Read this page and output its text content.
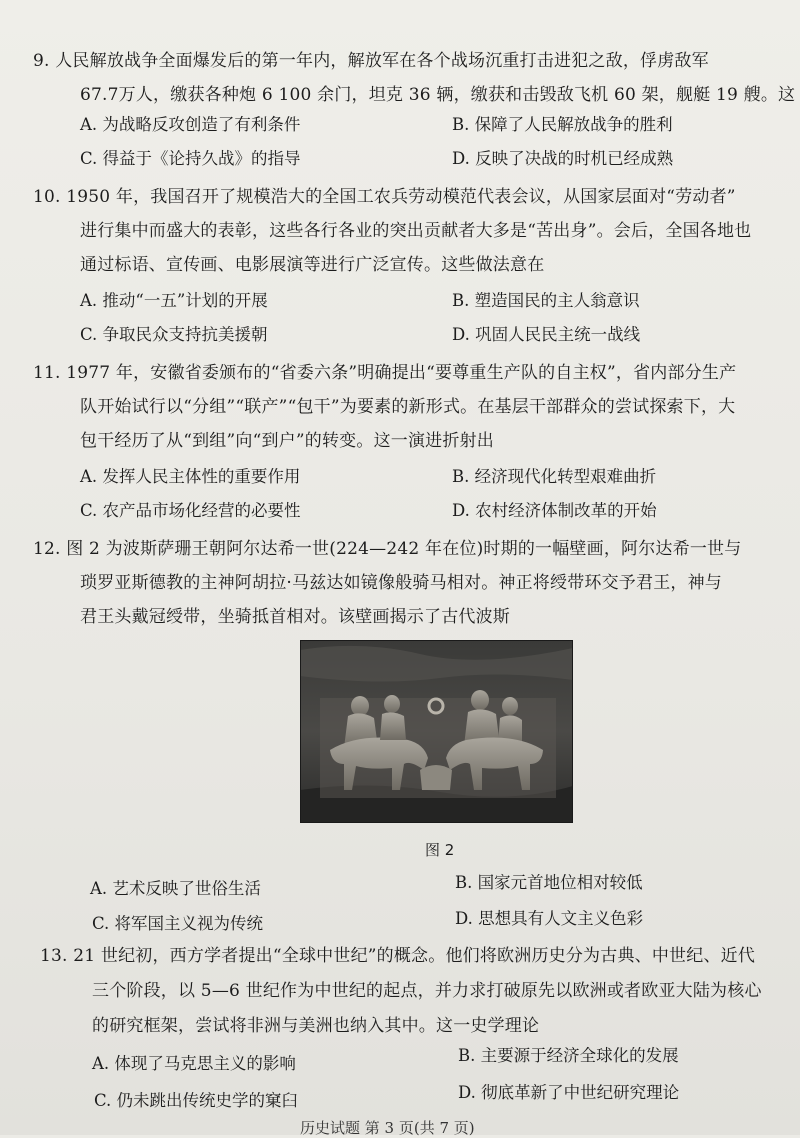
9. 人民解放战争全面爆发后的第一年内，解放军在各个战场沉重打击进犯之敌，俘虏敌军
67.7万人，缴获各种炮 6 100 余门，坦克 36 辆，缴获和击毁敌飞机 60 架，舰艇 19 艘。这
A. 为战略反攻创造了有利条件	B. 保障了人民解放战争的胜利
C. 得益于《论持久战》的指导	D. 反映了决战的时机已经成熟
10. 1950 年，我国召开了规模浩大的全国工农兵劳动模范代表会议，从国家层面对“劳动者”
进行集中而盛大的表彰，这些各行各业的突出贡献者大多是“苦出身”。会后，全国各地也
通过标语、宣传画、电影展演等进行广泛宣传。这些做法意在
A. 推动“一五”计划的开展	B. 塑造国民的主人翁意识
C. 争取民众支持抗美援朝	D. 巩固人民民主统一战线
11. 1977 年，安徽省委颁布的“省委六条”明确提出“要尊重生产队的自主权”，省内部分生产
队开始试行以“分组”“联产”“包干”为要素的新形式。在基层干部群众的尝试探索下，大
包干经历了从“到组”向“到户”的转变。这一演进折射出
A. 发挥人民主体性的重要作用	B. 经济现代化转型艰难曲折
C. 农产品市场化经营的必要性	D. 农村经济体制改革的开始
12. 图 2 为波斯萨珊王朝阿尔达希一世(224—242 年在位)时期的一幅壁画，阿尔达希一世与
琐罗亚斯德教的主神阿胡拉·马兹达如镜像般骑马相对。神正将绶带环交予君王，神与
君王头戴冠绶带，坐骑抵首相对。该壁画揭示了古代波斯
图 2
A. 艺术反映了世俗生活	B. 国家元首地位相对较低
C. 将军国主义视为传统	D. 思想具有人文主义色彩
13. 21 世纪初，西方学者提出“全球中世纪”的概念。他们将欧洲历史分为古典、中世纪、近代
三个阶段，以 5—6 世纪作为中世纪的起点，并力求打破原先以欧洲或者欧亚大陆为核心
的研究框架，尝试将非洲与美洲也纳入其中。这一史学理论
A. 体现了马克思主义的影响	B. 主要源于经济全球化的发展
C. 仍未跳出传统史学的窠臼	D. 彻底革新了中世纪研究理论
历史试题 第 3 页(共 7 页)
